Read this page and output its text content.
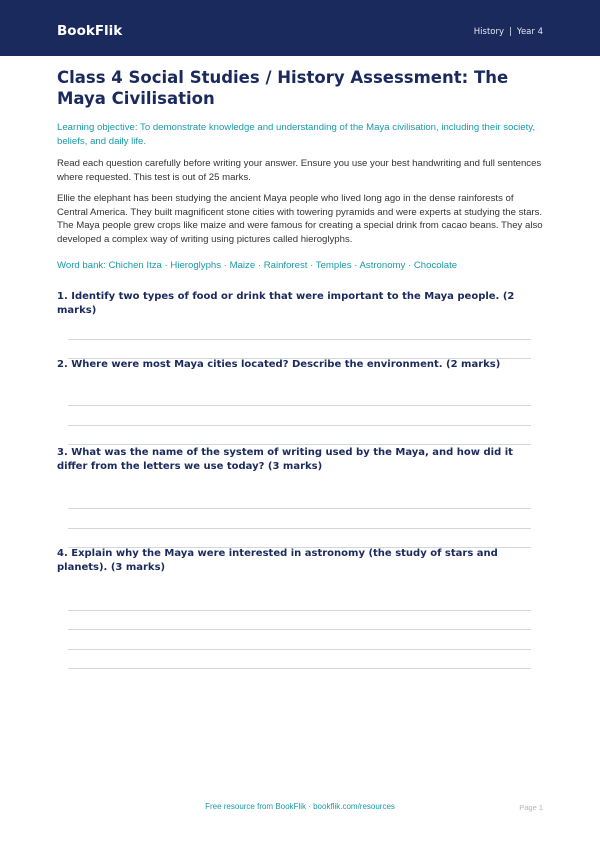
BookFlik	History | Year 4
Class 4 Social Studies / History Assessment: The Maya Civilisation

Learning objective: To demonstrate knowledge and understanding of the Maya civilisation, including their society, beliefs, and daily life.

Read each question carefully before writing your answer. Ensure you use your best handwriting and full sentences where requested. This test is out of 25 marks.

Ellie the elephant has been studying the ancient Maya people who lived long ago in the dense rainforests of Central America. They built magnificent stone cities with towering pyramids and were experts at studying the stars. The Maya people grew crops like maize and were famous for creating a special drink from cacao beans. They also developed a complex way of writing using pictures called hieroglyphs.

Word bank: Chichen Itza · Hieroglyphs · Maize · Rainforest · Temples · Astronomy · Chocolate

1. Identify two types of food or drink that were important to the Maya people. (2 marks)
2. Where were most Maya cities located? Describe the environment. (2 marks)
3. What was the name of the system of writing used by the Maya, and how did it differ from the letters we use today? (3 marks)
4. Explain why the Maya were interested in astronomy (the study of stars and planets). (3 marks)
Free resource from BookFlik · bookflik.com/resources	Page 1
